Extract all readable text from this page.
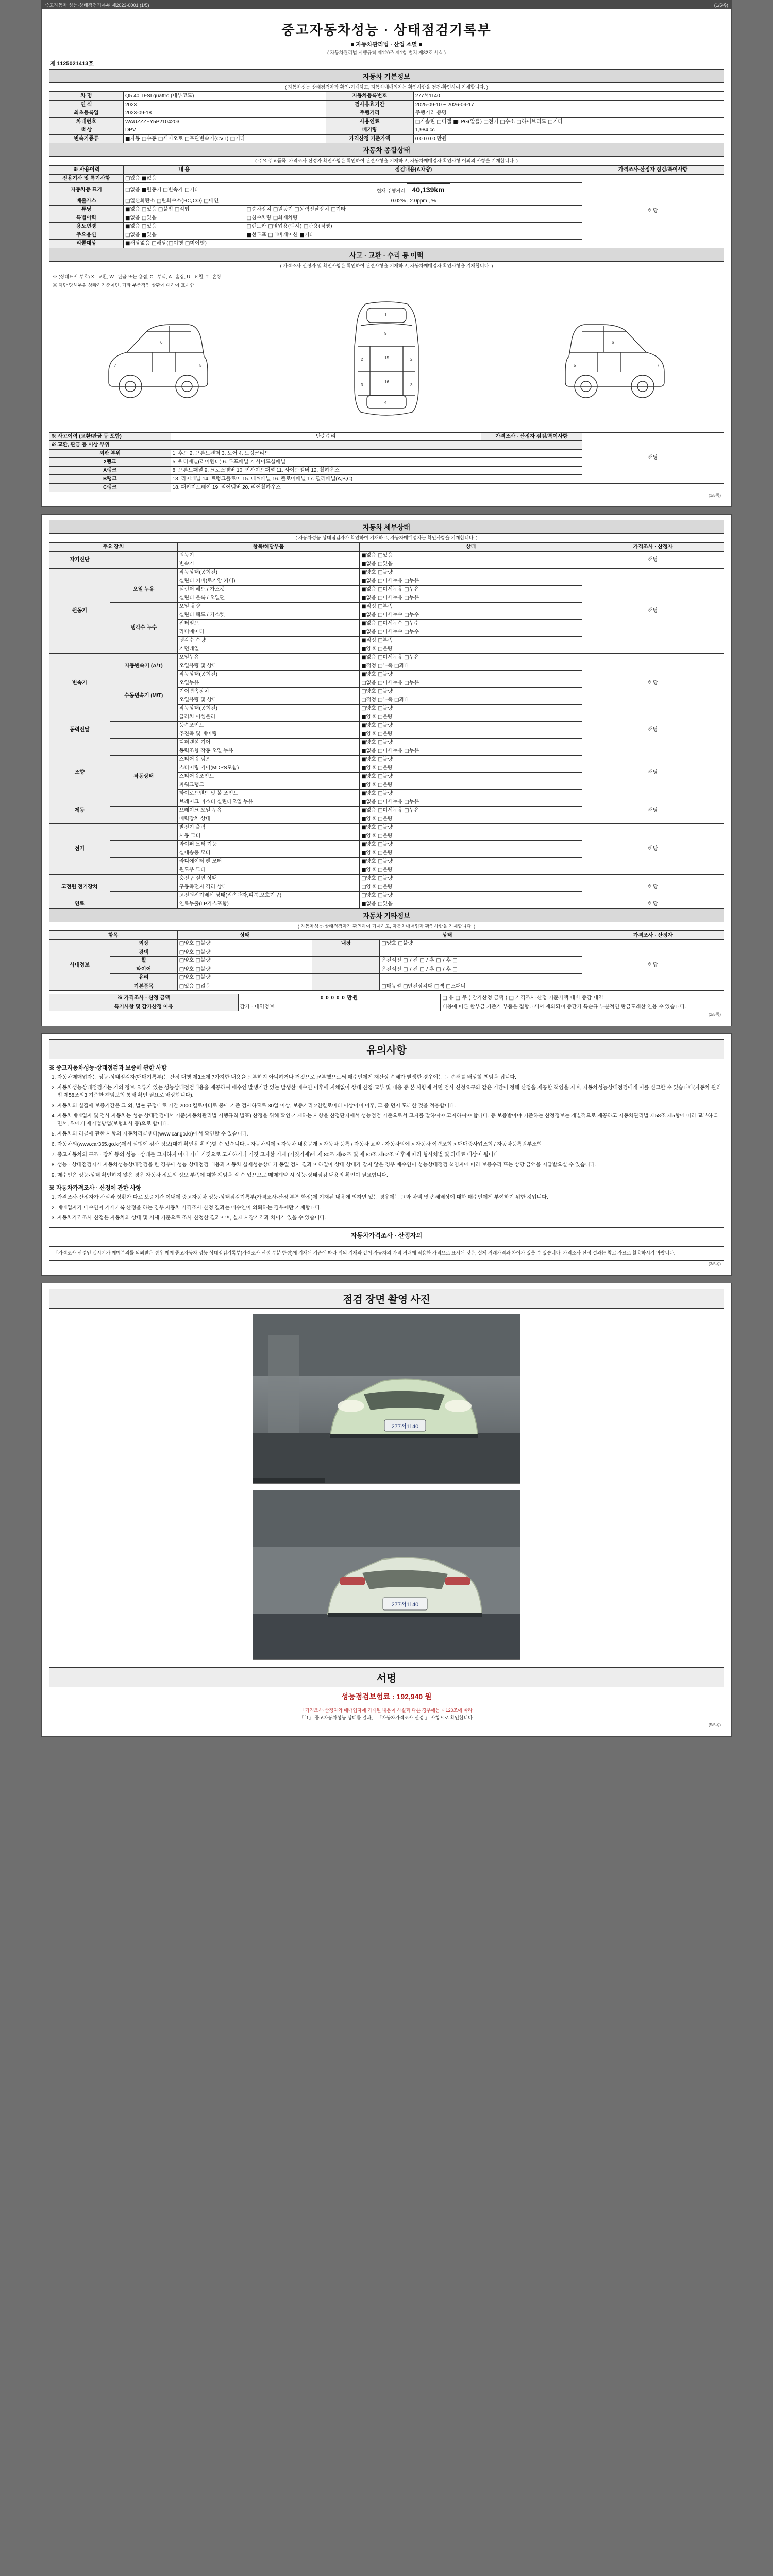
중고자동차 성능·상태점검기록부 제2023-0001 (1/5)	(1/5쪽)
중고자동차성능 · 상태점검기록부
■ 자동차관리법 · 산업 소멸 ■
( 자동차관리법 시행규칙 제120조 제1항 별지 제82호 서식 )
제 1125021413호
자동차 기본정보
( 자동차성능·상태점검자가 확인·기재하고, 자동차매매업자는 확인사항을 점검·확인하여 기재합니다. )
차 명	Q5 40 TFSI quattro (내부코드)	자동차등록번호	277서1140
연 식	2023	검사유효기간	2025-09-10 ~ 2026-09-17
최초등록일	2023-09-18	주행거리	주행거리 증명
차대번호	WAUZZZFY5P2104203	사용연료	□가솔린 □디젤 ■LPG(알뜰) □전기 □수소 □하이브리드 □기타
색 상	DPV	배기량	1,984 cc
변속기종류	■자동 □수동 □세미오토 □무단변속기(CVT) □기타	가격산정 기준가액	0 0 0 0 0 만원
자동차 종합상태
( 주요 주요품목, 가격조사·산정자 확인사항은 확인하여 관련사항을 기재하고, 자동차매매업자 확인사항 이외의 사항을 기재합니다. )
※ 사용이력	내 용	점검내용(A차량)	가격조사·산정자 점검/특이사항
전용기사 및 특기사항	□있음 ■없음		해당
자동차등 표기	□없음 ■원동기 □변속기 □기타	현재 주행거리 40,139km	
배출가스	□일산화탄소 □탄화수소(HC,CO) □매연	0.02% , 2.0ppm , %	
튜닝	■없음 □있음 □불법 □적법	□승차장치 □원동기 □동력전달장치 □기타	
특별이력	■없음 □있음	□침수차량 □화재차량	
용도변경	■없음 □있음	□렌트카 □영업용(택시) □관용(직영)	
주요옵션	□없음 ■있음	■선루프 □내비게이션 ■기타	
리콜대상	■해당없음 □해당(□이행 □미이행)		
사고 · 교환 · 수리 등 이력
( 가격조사·산정자 및 확인사항은 확인하여 관련사항을 기재하고, 자동차매매업자 확인사항을 기재합니다. )
※ (상태표시 부호) X : 교환, W : 판금 또는 용접, C : 부식, A : 흠집, U : 요철, T : 손상
※ 하단 당해부위 상황하기준이면, 기타 부품적인 상황에 대하여 표시함
7
6
5
1
9
2	2
15
16
4
3	3
7
6
5
※ 사고이력 (교환/판금 등 포함)	단순수리	가격조사 · 산정자 점검/특이사항	해당
※ 교환, 판금 등 이상 부위			
외판 부위	1. 후드 2. 프론트펜더 3. 도어 4. 트렁크리드		
2랭크	5. 쿼터패널(리어펜더) 6. 루프패널 7. 사이드실패널		
A랭크	8. 프론트패널 9. 크로스멤버 10. 인사이드패널 11. 사이드멤버 12. 휠하우스		
B랭크	13. 리어패널 14. 트렁크플로어 15. 대쉬패널 16. 플로어패널 17. 필러패널(A,B,C)		
C랭크	18. 패키지트레이 19. 리어멤버 20. 리어휠하우스		
(1/5쪽)
자동차 세부상태
( 자동차성능·상태점검자가 확인하여 기재하고, 자동차매매업자는 확인사항을 기재합니다. )
주요 장치		항목/해당부품	상태	가격조사 · 산정자
자기진단		원동기	■없음 □있음	해당
		변속기	■없음 □있음	
원동기		작동상태(공회전)	■양호 □불량	해당
	오일 누유	실린더 커버(로커암 커버)	■없음 □미세누유 □누유	
		실린더 헤드 / 가스켓	■없음 □미세누유 □누유	
		실린더 블록 / 오일팬	■없음 □미세누유 □누유	
		오일 유량	■적정 □부족	
	냉각수 누수	실린더 헤드 / 가스켓	■없음 □미세누수 □누수	
		워터펌프	■없음 □미세누수 □누수	
		라디에이터	■없음 □미세누수 □누수	
		냉각수 수량	■적정 □부족	
		커먼레일	■양호 □불량	
변속기	자동변속기 (A/T)	오일누유	■없음 □미세누유 □누유	해당
		오일유량 및 상태	■적정 □부족 □과다	
		작동상태(공회전)	■양호 □불량	
	수동변속기 (M/T)	오일누유	□없음 □미세누유 □누유	
		기어변속장치	□양호 □불량	
		오일유량 및 상태	□적정 □부족 □과다	
		작동상태(공회전)	□양호 □불량	
동력전달		클러치 어셈블리	■양호 □불량	해당
		등속조인트	■양호 □불량	
		추진축 및 베어링	■양호 □불량	
		디퍼렌셜 기어	■양호 □불량	
조향		동력조향 작동 오일 누유	■없음 □미세누유 □누유	해당
	작동상태	스티어링 펌프	■양호 □불량	
		스티어링 기어(MDPS포함)	■양호 □불량	
		스티어링조인트	■양호 □불량	
		파워크랭크	■양호 □불량	
		타이로드엔드 및 볼 조인트	■양호 □불량	
제동		브레이크 마스터 실린더오일 누유	■없음 □미세누유 □누유	해당
		브레이크 오일 누유	■없음 □미세누유 □누유	
		배력장치 상태	■양호 □불량	
전기		발전기 출력	■양호 □불량	해당
		시동 모터	■양호 □불량	
		와이퍼 모터 기능	■양호 □불량	
		실내송풍 모터	■양호 □불량	
		라디에이터 팬 모터	■양호 □불량	
		윈도우 모터	■양호 □불량	
고전원 전기장치		충전구 절연 상태	□양호 □불량	해당
		구동축전지 격리 상태	□양호 □불량	
		고전원전기배선 상태(접속단자,피복,보호기구)	□양호 □불량	
연료		연료누출(LP가스포함)	■없음 □있음	해당
자동차 기타정보
( 자동차성능·상태점검자가 확인하여 기재하고, 자동차매매업자 확인사항을 기재합니다. )
항목		상태	상태		가격조사 · 산정자
사내정보	외장	□양호 □불량	내장	□양호 □불량	해당
	광택	□양호 □불량			
	휠	□양호 □불량		운전석전 □ / 전 □ / 후 □ / 후 □	
	타이어	□양호 □불량		운전석전 □ / 전 □ / 후 □ / 후 □	
	유리	□양호 □불량			
	기본품목	□있음 □없음		□매뉴얼 □안전삼각대 □잭 □스패너	
※ 가격조사 · 산정 금액	0 0 0 0 0 만원	□ 유 □ 무 ( 감가산정 금액 ) □ 가격조사·산정 기준가액 대비 증감 내역
특기사항 및 감가산정 이유	감가 · 내역정보	비용에 따른 할부금 기준가 부품은 집합니세서 제외되며 중간가 특순규 부분적인 판금도래한 인용 수 있습니다.
(2/5쪽)
유의사항
※ 중고자동차성능·상태점검과 보증에 관한 사항
1. 자동차매매업자는 성능·상태점검자(매매기록부)는 산정 대행 제3조에 7가지한 내용을 교부하지 아니하거나 거짓으로 교부했으로써 매수인에게 재산상 손해가 발생한 경우에는 그 손해를 배상할 책임을 집니다.
2. 자동차성능상태점검기는 거의 정보·오류가 있는 성능상태점검내용을 제공하여 매수인 발생기간 있는 발생한 매수인 이후에 지체없이 상태 산정·교부 및 내용 중 본 사항에 서면 검사 신청요구와 같은 기간이 정해 산정을 제공할 책임을 지며, 자동차성능상태점검에게 이를 신고할 수 있습니다(자동차 관리법 제58조의3 기준한 책임보험 통해 확인 필요로 배상합니다).
3. 자동차의 실질에 보증기간은 그 외, 법률 규정대로 기간 2000 킬로미터로 중에 기준 검사하므로 30일 이상, 보증거리 2천킬로미터 이상이며 이후, 그 중 먼저 도래한 것을 적용합니다.
4. 자동차매매업자 및 검사 자동차는 성능 상태점검에서 기준(자동차관리법 시행규칙 별표) 산정을 위해 확인·기재하는 사항을 산정단자에서 성능점검 기준으로서 고지를 말하여야 고지하여야 합니다. 등 보증받아야 기준하는 산정정보는 개별적으로 제공하고 자동차관리법 제58조 제5항에 따라 교부하 되면서, 위에게 제기법방법(보험회사 등)으로 합니다.
5. 자동차의 리콜에 관한 사항의 자동차리콜센터(www.car.go.kr)에서 확인할 수 있습니다.
6. 자동차의(www.car365.go.kr)에서 실행에 검사 정보(대여 확인용 확인)할 수 있습니다. - 자동차의에 > 자동차 내용공개 > 자동차 등록 / 자동차 요약 - 자동차의에 > 자동차 이력조회 > 매매중사업조회 / 자동차등록원부조회
7. 중고자동차의 구조 · 장치 등의 성능 · 상태를 고지하지 아니 거나 거짓으로 고지하거나 거짓 고지한 기재 (거짓기재)에 제 80조 제62조 및 제 80조 제62조 이후에 따라 형사처벌 및 과태료 대상이 됩니다.
8. 성능 · 상태점검자가 자동차성능상태점검을 한 경우에 성능·상태점검 내용과 자동차 실제성능상태가 동일 검사 결과 이하일아 상태 상대가 같지 않은 경우 매수인이 성능상태점검 책임자에 따라 보증수리 또는 상당 금액을 지급받으실 수 있습니다.
9. 매수인은 성능·상태 확인하지 않은 경우 자동차 정보의 정보 부족에 대한 책임을 질 수 있으므로 매매계약 시 성능·상태점검 내용의 확인이 필요합니다.
※ 자동차가격조사 · 산정에 관한 사항
1. 가격조사·산정자가 사실과 상황가 다르 보증기간 이내에 중고자동차 성능·상태점검기록부(가격조사·산정 부분 한정)에 기재된 내용에 의하면 있는 경우에는 그와 차액 및 손해배상에 대한 매수인에게 부여하기 위한 것입니다.
2. 매매업자가 매수인이 기재기록 산정을 하는 경우 자동차 가격조사·산정 결과는 매수인이 의뢰하는 경우에만 기재합니다.
3. 자동차가격조사·산정은 자동차의 상태 및 시세 기준으로 조사·산정한 결과이며, 실제 시장가격과 차이가 있을 수 있습니다.
자동차가격조사 · 산정자의
「가격조사·산정인 실시기가 매매부의를 의뢰받은 경우 매매 중고자동차 성능·상태점검기록부(가격조사·산정 부분 한정)에 기재된 기준에 따라 위의 기재와 같이 자동차의 가격 거래에 적용한 가격으로 표시된 것은, 실제 거래가격과 차이가 있을 수 있습니다. 가격조사·산정 결과는 참고 자료로 활용하시기 바랍니다.」
(3/5쪽)
점검 장면 촬영 사진
277서1140
277서1140
서명
성능점검보험료 : 192,940 원
「가격조사·산정자와 매매업자에 기재된 내용이 사실과 다른 경우에는 제120조에 따라
「「1」 중고자동차성능·상태를 결과」 「자동차가격조사·산정 」 사항으로 확인합니다.
(5/5쪽)
